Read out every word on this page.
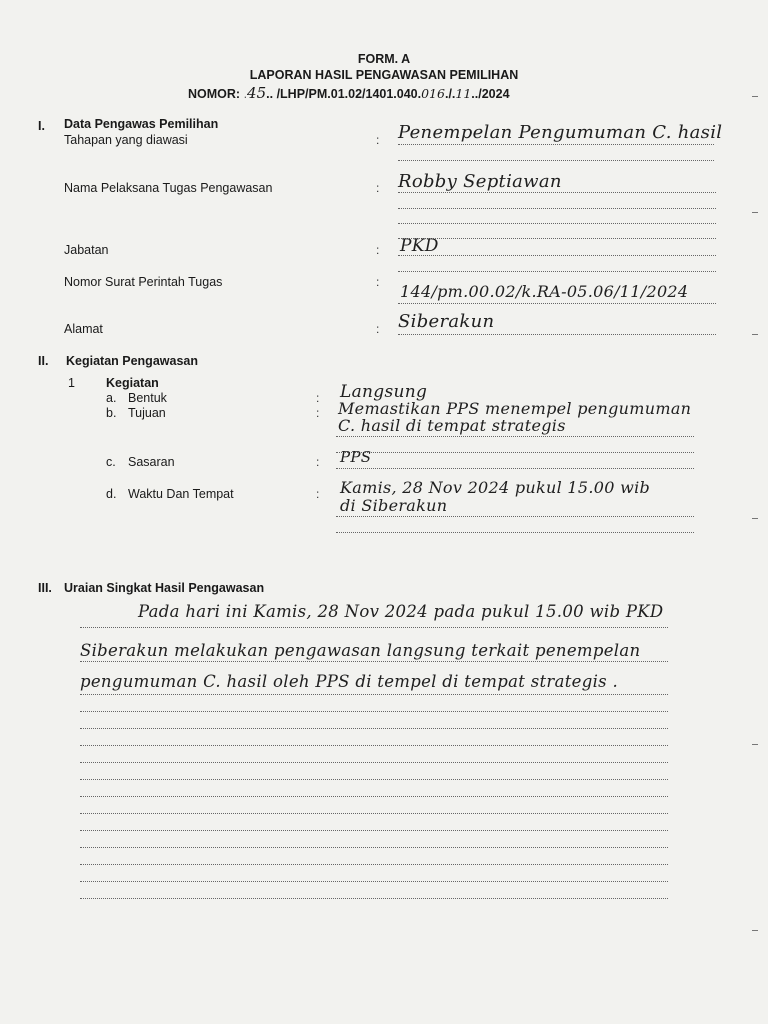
FORM. A
LAPORAN HASIL PENGAWASAN PEMILIHAN
NOMOR: .45.. /LHP/PM.01.02/1401.040.016./.11../2024
I. Data Pengawas Pemilihan
Tahapan yang diawasi	: Penempelan Pengumuman C. hasil
Nama Pelaksana Tugas Pengawasan	: Robby Septiawan
Jabatan	: PKD
Nomor Surat Perintah Tugas	: 144/pm.00.02/k.RA-05.06/11/2024
Alamat	: Siberakun
II. Kegiatan Pengawasan
1 Kegiatan
a. Bentuk	: Langsung
b. Tujuan	: Memastikan PPS menempel pengumuman
C. hasil di tempat strategis
c. Sasaran	: PPS
d. Waktu Dan Tempat	: Kamis, 28 Nov 2024 pukul 15.00 wib
di Siberakun
III. Uraian Singkat Hasil Pengawasan
Pada hari ini Kamis, 28 Nov 2024 pada pukul 15.00 wib PKD
Siberakun melakukan pengawasan langsung terkait penempelan
pengumuman C. hasil oleh PPS di tempel di tempat strategis .
